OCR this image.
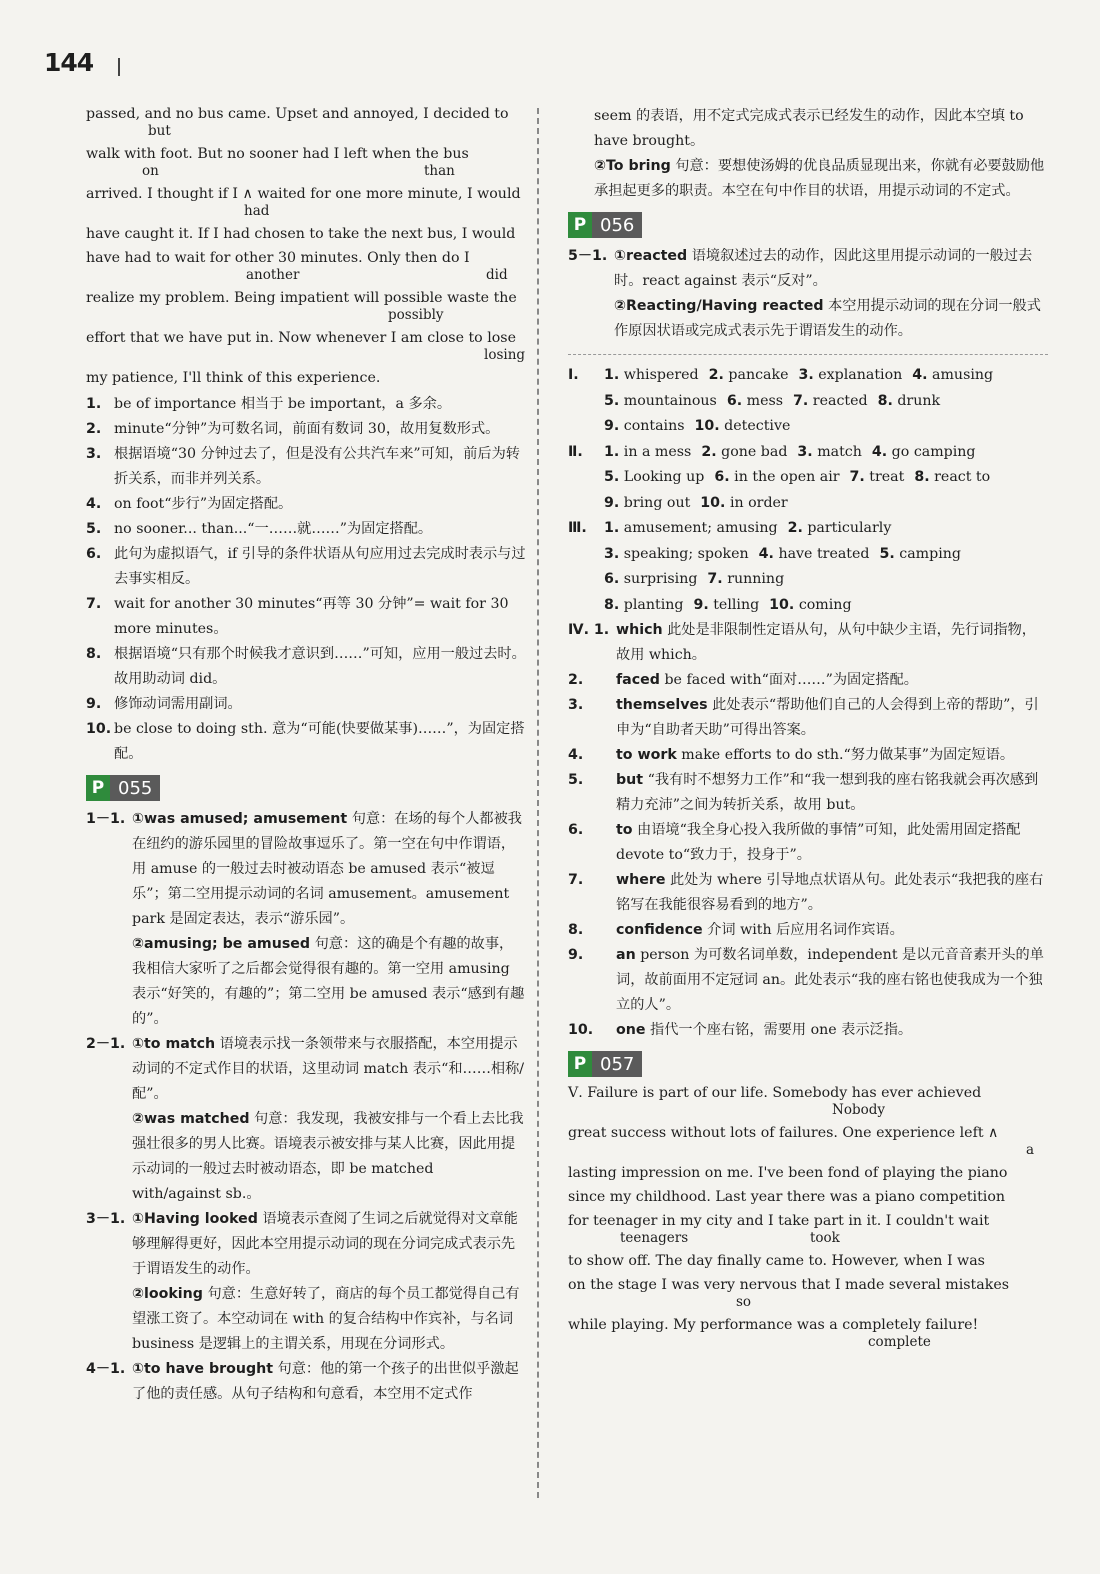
144
passed, and no bus came. Upset and annoyed, I decided to
but
walk with foot. But no sooner had I left when the bus
on	than
arrived. I thought if I ∧ waited for one more minute, I would
had
have caught it. If I had chosen to take the next bus, I would
have had to wait for other 30 minutes. Only then do I
another	did
realize my problem. Being impatient will possible waste the
possibly
effort that we have put in. Now whenever I am close to lose
losing
my patience, I'll think of this experience.
1. be of importance 相当于 be important，a 多余。
2. minute“分钟”为可数名词，前面有数词 30，故用复数形式。
3. 根据语境“30 分钟过去了，但是没有公共汽车来”可知，前后为转折关系，而非并列关系。
4. on foot“步行”为固定搭配。
5. no sooner... than...“一……就……”为固定搭配。
6. 此句为虚拟语气，if 引导的条件状语从句应用过去完成时表示与过去事实相反。
7. wait for another 30 minutes“再等 30 分钟”= wait for 30 more minutes。
8. 根据语境“只有那个时候我才意识到……”可知，应用一般过去时。故用助动词 did。
9. 修饰动词需用副词。
10. be close to doing sth. 意为“可能(快要做某事)……”，为固定搭配。
P 055
1－1. ①was amused; amusement 句意：在场的每个人都被我在纽约的游乐园里的冒险故事逗乐了。第一空在句中作谓语，用 amuse 的一般过去时被动语态 be amused 表示“被逗乐”；第二空用提示动词的名词 amusement。amusement park 是固定表达，表示“游乐园”。
②amusing; be amused 句意：这的确是个有趣的故事，我相信大家听了之后都会觉得很有趣的。第一空用 amusing 表示“好笑的，有趣的”；第二空用 be amused 表示“感到有趣的”。
2－1. ①to match 语境表示找一条领带来与衣服搭配，本空用提示动词的不定式作目的状语，这里动词 match 表示“和……相称/配”。
②was matched 句意：我发现，我被安排与一个看上去比我强壮很多的男人比赛。语境表示被安排与某人比赛，因此用提示动词的一般过去时被动语态，即 be matched with/against sb.。
3－1. ①Having looked 语境表示查阅了生词之后就觉得对文章能够理解得更好，因此本空用提示动词的现在分词完成式表示先于谓语发生的动作。
②looking 句意：生意好转了，商店的每个员工都觉得自己有望涨工资了。本空动词在 with 的复合结构中作宾补，与名词 business 是逻辑上的主谓关系，用现在分词形式。
4－1. ①to have brought 句意：他的第一个孩子的出世似乎激起了他的责任感。从句子结构和句意看，本空用不定式作
seem 的表语，用不定式完成式表示已经发生的动作，因此本空填 to have brought。
②To bring 句意：要想使汤姆的优良品质显现出来，你就有必要鼓励他承担起更多的职责。本空在句中作目的状语，用提示动词的不定式。
P 056
5－1. ①reacted 语境叙述过去的动作，因此这里用提示动词的一般过去时。react against 表示“反对”。
②Reacting/Having reacted 本空用提示动词的现在分词一般式作原因状语或完成式表示先于谓语发生的动作。
Ⅰ.1. whispered 2. pancake 3. explanation 4. amusing
5. mountainous 6. mess 7. reacted 8. drunk
9. contains 10. detective
Ⅱ.1. in a mess 2. gone bad 3. match 4. go camping
5. Looking up 6. in the open air 7. treat 8. react to
9. bring out 10. in order
Ⅲ.1. amusement; amusing 2. particularly
3. speaking; spoken 4. have treated 5. camping
6. surprising 7. running
8. planting 9. telling 10. coming
Ⅳ. 1. which 此处是非限制性定语从句，从句中缺少主语，先行词指物，故用 which。
2.	faced be faced with“面对……”为固定搭配。
3.	themselves 此处表示“帮助他们自己的人会得到上帝的帮助”，引申为“自助者天助”可得出答案。
4.	to work make efforts to do sth.“努力做某事”为固定短语。
5.	but “我有时不想努力工作”和“我一想到我的座右铭我就会再次感到精力充沛”之间为转折关系，故用 but。
6.	to 由语境“我全身心投入我所做的事情”可知，此处需用固定搭配 devote to“致力于，投身于”。
7.	where 此处为 where 引导地点状语从句。此处表示“我把我的座右铭写在我能很容易看到的地方”。
8.	confidence 介词 with 后应用名词作宾语。
9.	an person 为可数名词单数，independent 是以元音音素开头的单词，故前面用不定冠词 an。此处表示“我的座右铭也使我成为一个独立的人”。
10.	one 指代一个座右铭，需要用 one 表示泛指。
P 057
Ⅴ. Failure is part of our life. Somebody has ever achieved
Nobody
great success without lots of failures. One experience left ∧
a
lasting impression on me. I've been fond of playing the piano
since my childhood. Last year there was a piano competition
for teenager in my city and I take part in it. I couldn't wait
teenagers	took
to show off. The day finally came to. However, when I was
on the stage I was very nervous that I made several mistakes
so
while playing. My performance was a completely failure!
complete
